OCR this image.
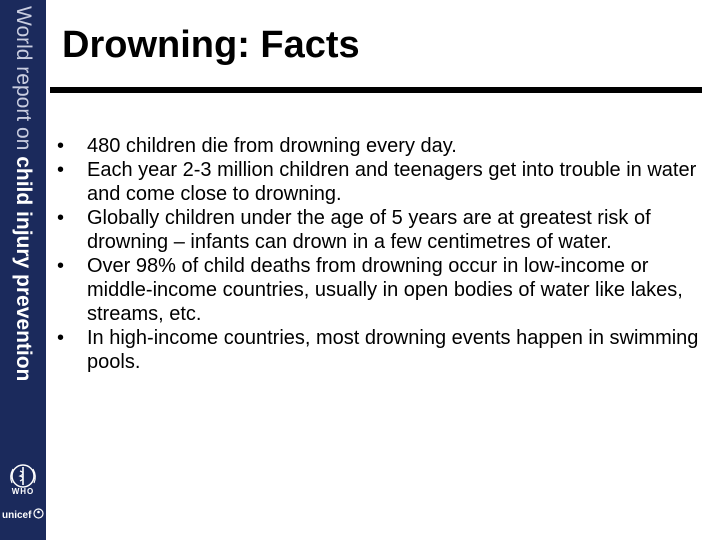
World report on child injury prevention
WHO
unicef
Drowning: Facts
•	480 children die from drowning every day.
•	Each year 2-3 million children and teenagers get into trouble in water and come close to drowning.
•	Globally children under the age of 5 years are at greatest risk of drowning – infants can drown in a few centimetres of water.
•	Over 98% of child deaths from drowning occur in low-income or middle-income countries, usually in open bodies of water like lakes, streams, etc.
•	In high-income countries, most drowning events happen in swimming pools.
